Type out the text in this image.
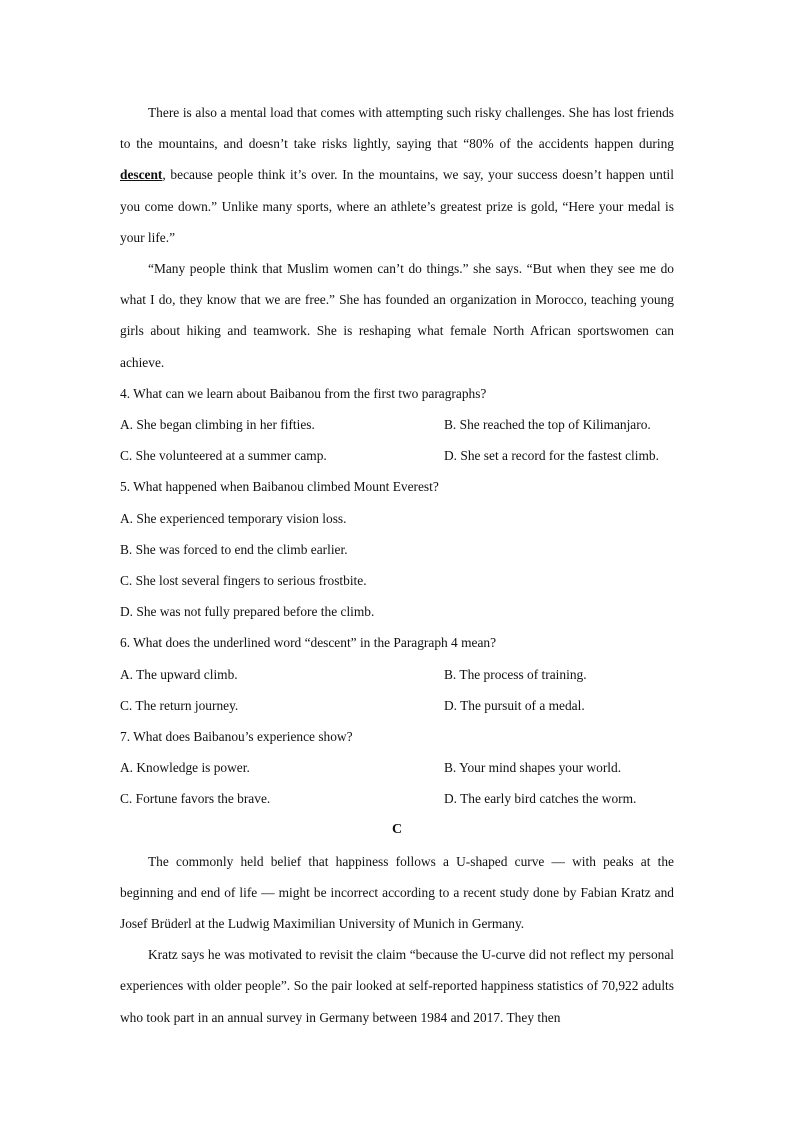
There is also a mental load that comes with attempting such risky challenges. She has lost friends to the mountains, and doesn’t take risks lightly, saying that “80% of the accidents happen during descent, because people think it’s over. In the mountains, we say, your success doesn’t happen until you come down.” Unlike many sports, where an athlete’s greatest prize is gold, “Here your medal is your life.”

“Many people think that Muslim women can’t do things.” she says. “But when they see me do what I do, they know that we are free.” She has founded an organization in Morocco, teaching young girls about hiking and teamwork. She is reshaping what female North African sportswomen can achieve.

4. What can we learn about Baibanou from the first two paragraphs?
A. She began climbing in her fifties.	B. She reached the top of Kilimanjaro.
C. She volunteered at a summer camp.	D. She set a record for the fastest climb.
5. What happened when Baibanou climbed Mount Everest?
A. She experienced temporary vision loss.
B. She was forced to end the climb earlier.
C. She lost several fingers to serious frostbite.
D. She was not fully prepared before the climb.
6. What does the underlined word “descent” in the Paragraph 4 mean?
A. The upward climb.	B. The process of training.
C. The return journey.	D. The pursuit of a medal.
7. What does Baibanou’s experience show?
A. Knowledge is power.	B. Your mind shapes your world.
C. Fortune favors the brave.	D. The early bird catches the worm.
C

The commonly held belief that happiness follows a U-shaped curve — with peaks at the beginning and end of life — might be incorrect according to a recent study done by Fabian Kratz and Josef Brüderl at the Ludwig Maximilian University of Munich in Germany.

Kratz says he was motivated to revisit the claim “because the U-curve did not reflect my personal experiences with older people”. So the pair looked at self-reported happiness statistics of 70,922 adults who took part in an annual survey in Germany between 1984 and 2017. They then
